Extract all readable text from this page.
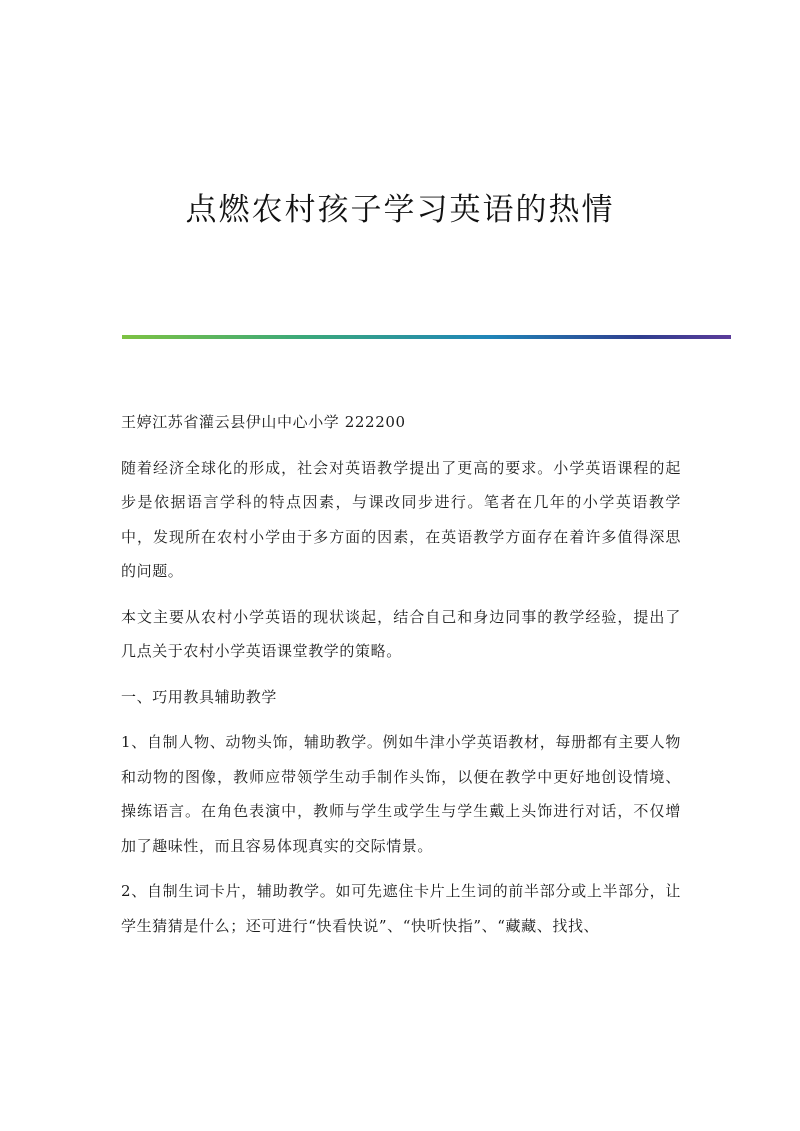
点燃农村孩子学习英语的热情

王婷江苏省灌云县伊山中心小学 222200

随着经济全球化的形成，社会对英语教学提出了更高的要求。小学英语课程的起步是依据语言学科的特点因素，与课改同步进行。笔者在几年的小学英语教学中，发现所在农村小学由于多方面的因素，在英语教学方面存在着许多值得深思的问题。

本文主要从农村小学英语的现状谈起，结合自己和身边同事的教学经验，提出了几点关于农村小学英语课堂教学的策略。

一、巧用教具辅助教学

1、自制人物、动物头饰，辅助教学。例如牛津小学英语教材，每册都有主要人物和动物的图像，教师应带领学生动手制作头饰，以便在教学中更好地创设情境、操练语言。在角色表演中，教师与学生或学生与学生戴上头饰进行对话，不仅增加了趣味性，而且容易体现真实的交际情景。

2、自制生词卡片，辅助教学。如可先遮住卡片上生词的前半部分或上半部分，让学生猜猜是什么；还可进行“快看快说”、“快听快指”、“藏藏、找找、
